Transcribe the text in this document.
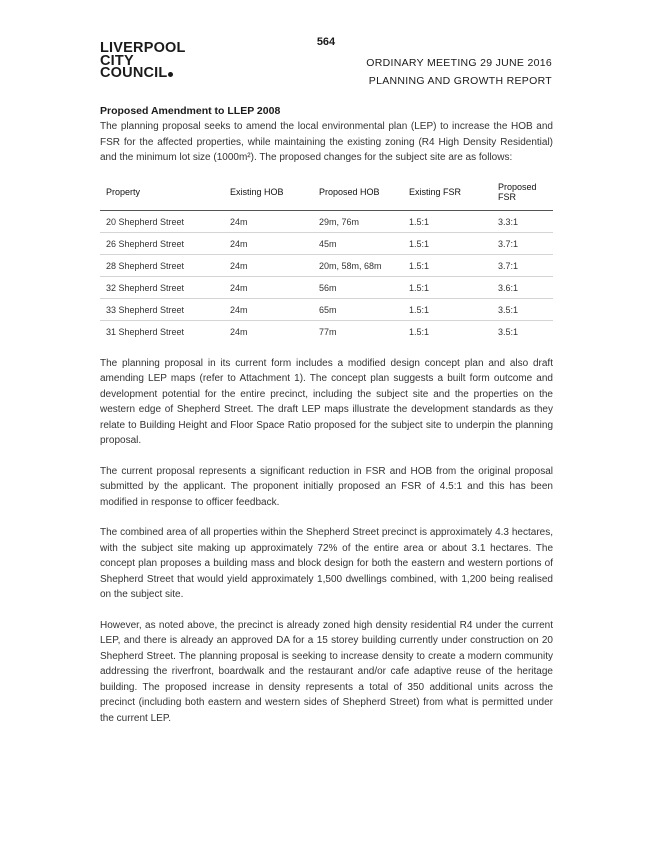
564
LIVERPOOL
CITY
COUNCIL
ORDINARY MEETING 29 JUNE 2016
PLANNING AND GROWTH REPORT
Proposed Amendment to LLEP 2008

The planning proposal seeks to amend the local environmental plan (LEP) to increase the HOB and FSR for the affected properties, while maintaining the existing zoning (R4 High Density Residential) and the minimum lot size (1000m²). The proposed changes for the subject site are as follows:

Property	Existing HOB	Proposed HOB	Existing FSR	Proposed FSR
20 Shepherd Street	24m	29m, 76m	1.5:1	3.3:1
26 Shepherd Street	24m	45m	1.5:1	3.7:1
28 Shepherd Street	24m	20m, 58m, 68m	1.5:1	3.7:1
32 Shepherd Street	24m	56m	1.5:1	3.6:1
33 Shepherd Street	24m	65m	1.5:1	3.5:1
31 Shepherd Street	24m	77m	1.5:1	3.5:1

The planning proposal in its current form includes a modified design concept plan and also draft amending LEP maps (refer to Attachment 1). The concept plan suggests a built form outcome and development potential for the entire precinct, including the subject site and the properties on the western edge of Shepherd Street. The draft LEP maps illustrate the development standards as they relate to Building Height and Floor Space Ratio proposed for the subject site to underpin the planning proposal.

The current proposal represents a significant reduction in FSR and HOB from the original proposal submitted by the applicant. The proponent initially proposed an FSR of 4.5:1 and this has been modified in response to officer feedback.

The combined area of all properties within the Shepherd Street precinct is approximately 4.3 hectares, with the subject site making up approximately 72% of the entire area or about 3.1 hectares. The concept plan proposes a building mass and block design for both the eastern and western portions of Shepherd Street that would yield approximately 1,500 dwellings combined, with 1,200 being realised on the subject site.

However, as noted above, the precinct is already zoned high density residential R4 under the current LEP, and there is already an approved DA for a 15 storey building currently under construction on 20 Shepherd Street. The planning proposal is seeking to increase density to create a modern community addressing the riverfront, boardwalk and the restaurant and/or cafe adaptive reuse of the heritage building. The proposed increase in density represents a total of 350 additional units across the precinct (including both eastern and western sides of Shepherd Street) from what is permitted under the current LEP.
